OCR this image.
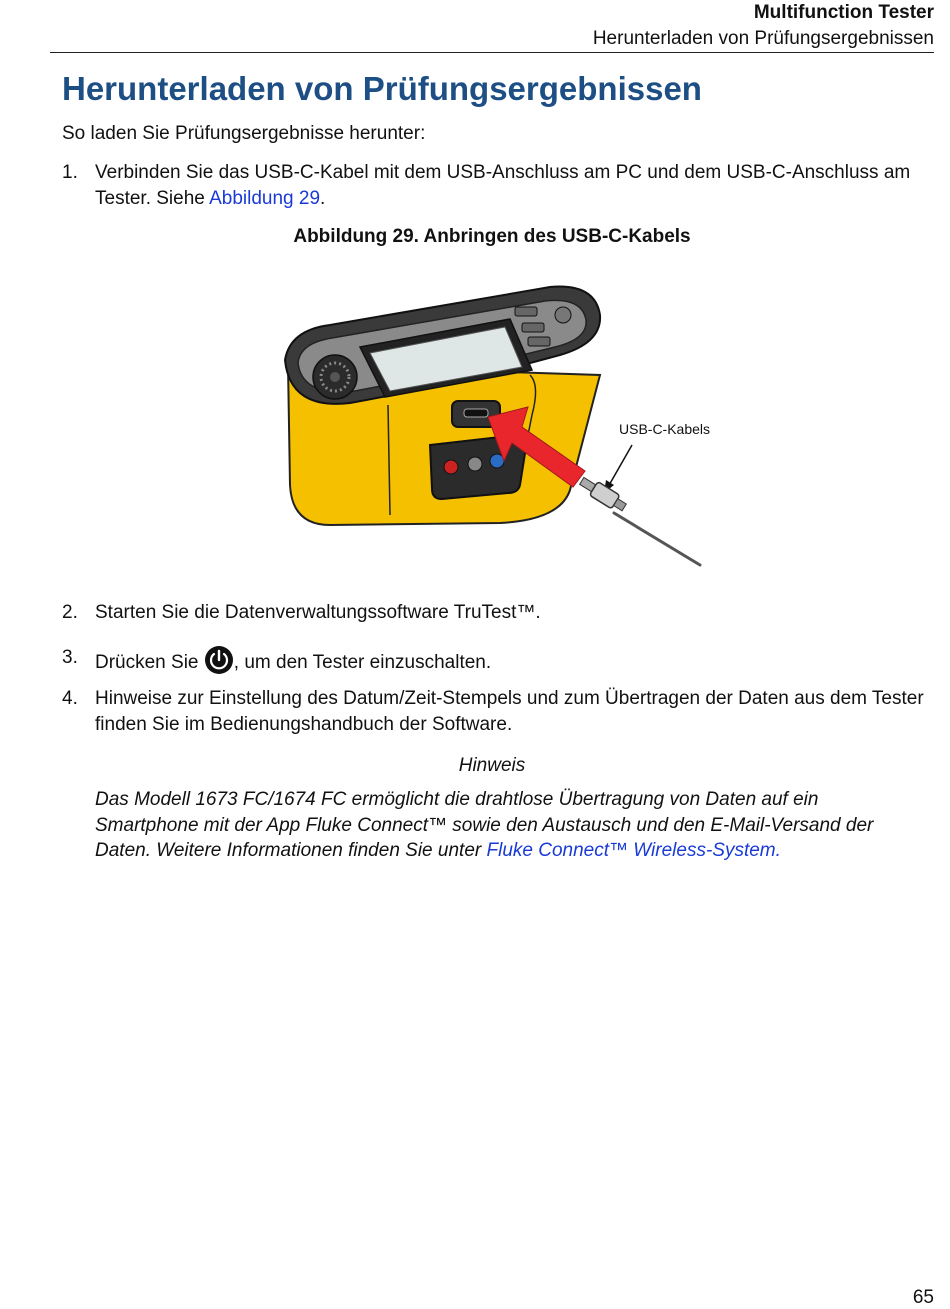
Multifunction Tester
Herunterladen von Prüfungsergebnissen
Herunterladen von Prüfungsergebnissen

So laden Sie Prüfungsergebnisse herunter:

1. Verbinden Sie das USB-C-Kabel mit dem USB-Anschluss am PC und dem USB-C-Anschluss am Tester. Siehe Abbildung 29.
Abbildung 29. Anbringen des USB-C-Kabels
USB-C-Kabels
2. Starten Sie die Datenverwaltungssoftware TruTest™.
3. Drücken Sie , um den Tester einzuschalten.
4. Hinweise zur Einstellung des Datum/Zeit-Stempels und zum Übertragen der Daten aus dem Tester finden Sie im Bedienungshandbuch der Software.
Hinweis
Das Modell 1673 FC/1674 FC ermöglicht die drahtlose Übertragung von Daten auf ein Smartphone mit der App Fluke Connect™ sowie den Austausch und den E-Mail-Versand der Daten. Weitere Informationen finden Sie unter Fluke Connect™ Wireless-System.
65
